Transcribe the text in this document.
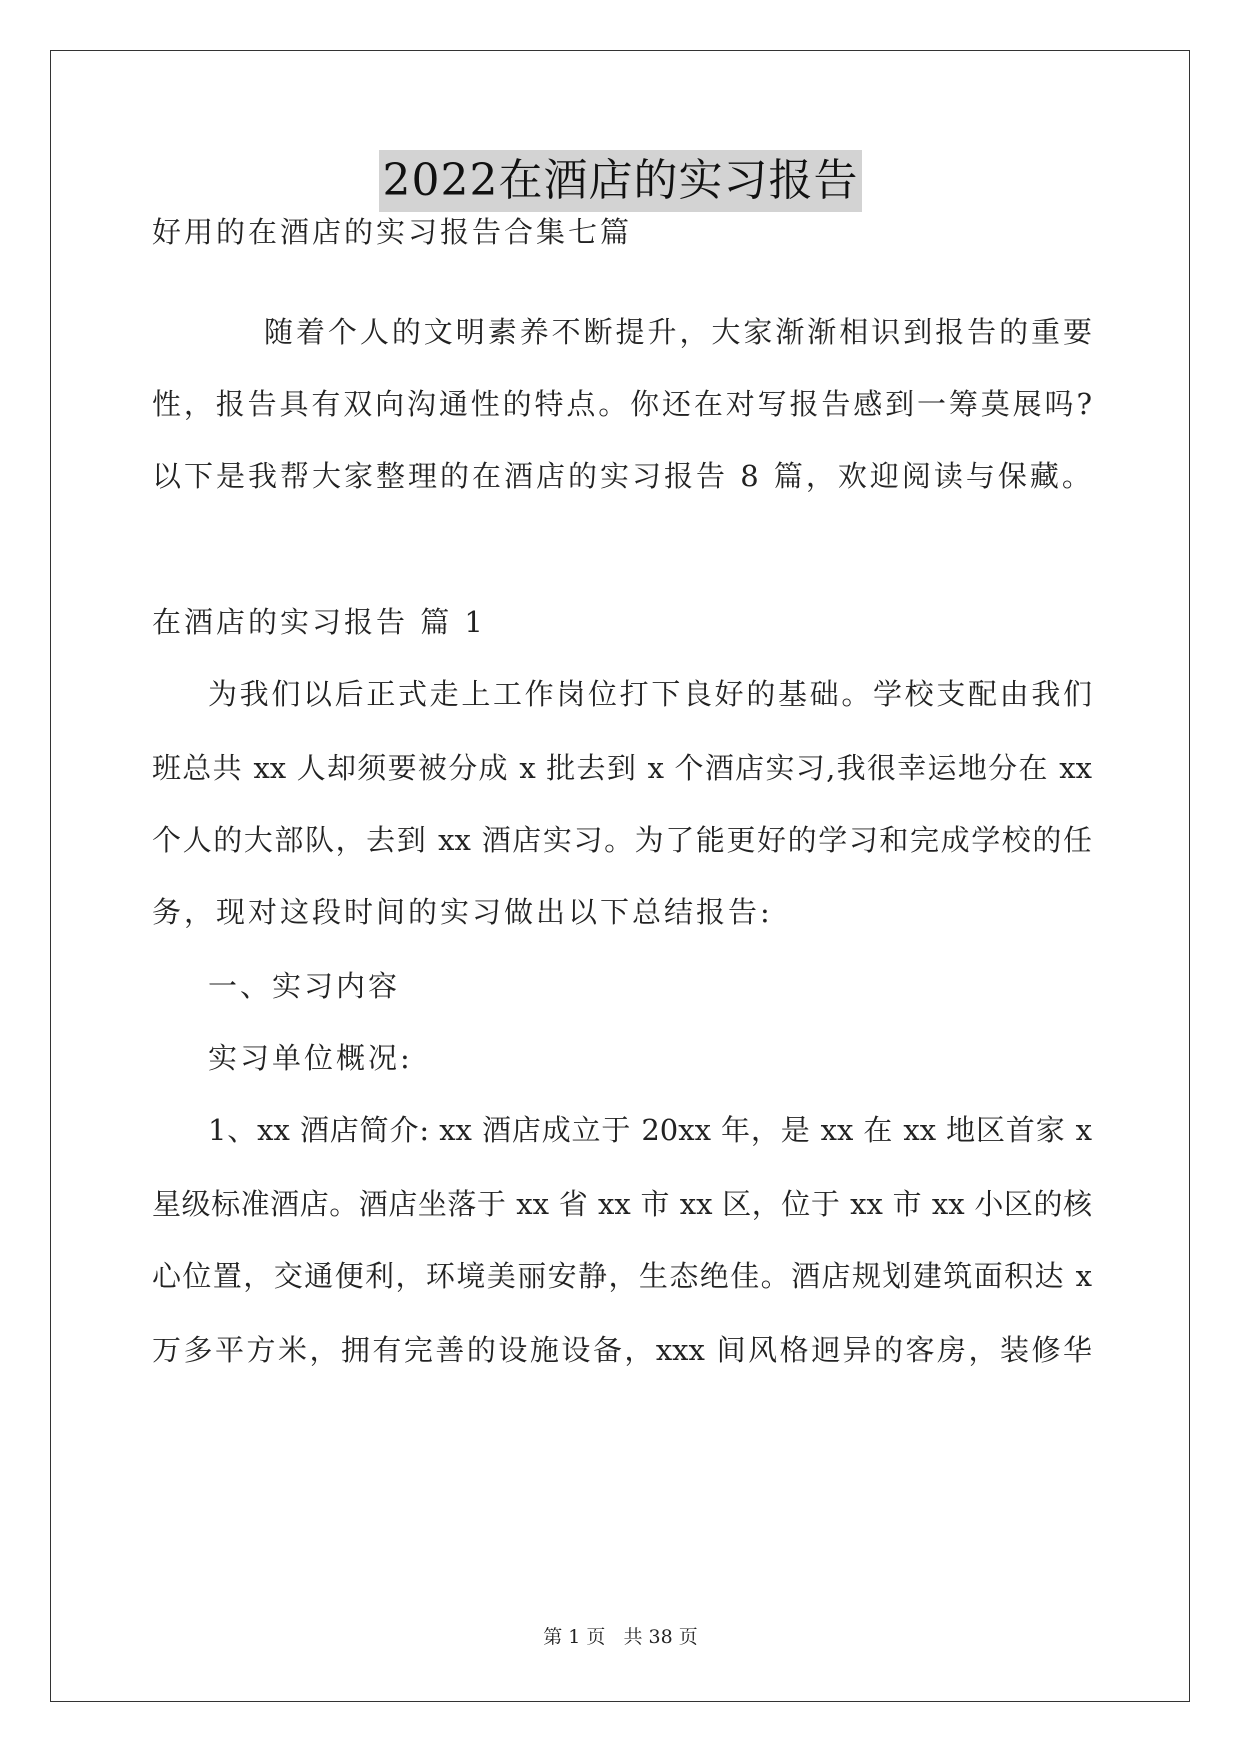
2022在酒店的实习报告
好用的在酒店的实习报告合集七篇
随着个人的文明素养不断提升，大家渐渐相识到报告的重要
性，报告具有双向沟通性的特点。你还在对写报告感到一筹莫展吗?
以下是我帮大家整理的在酒店的实习报告 8 篇，欢迎阅读与保藏。
在酒店的实习报告 篇 1
为我们以后正式走上工作岗位打下良好的基础。学校支配由我们
班总共 xx 人却须要被分成 x 批去到 x 个酒店实习,我很幸运地分在 xx
个人的大部队，去到 xx 酒店实习。为了能更好的学习和完成学校的任
务，现对这段时间的实习做出以下总结报告:
一、实习内容
实习单位概况:
1、xx 酒店简介: xx 酒店成立于 20xx 年，是 xx 在 xx 地区首家 x
星级标准酒店。酒店坐落于 xx 省 xx 市 xx 区，位于 xx 市 xx 小区的核
心位置，交通便利，环境美丽安静，生态绝佳。酒店规划建筑面积达 x
万多平方米，拥有完善的设施设备，xxx 间风格迥异的客房，装修华
第 1 页 共 38 页
